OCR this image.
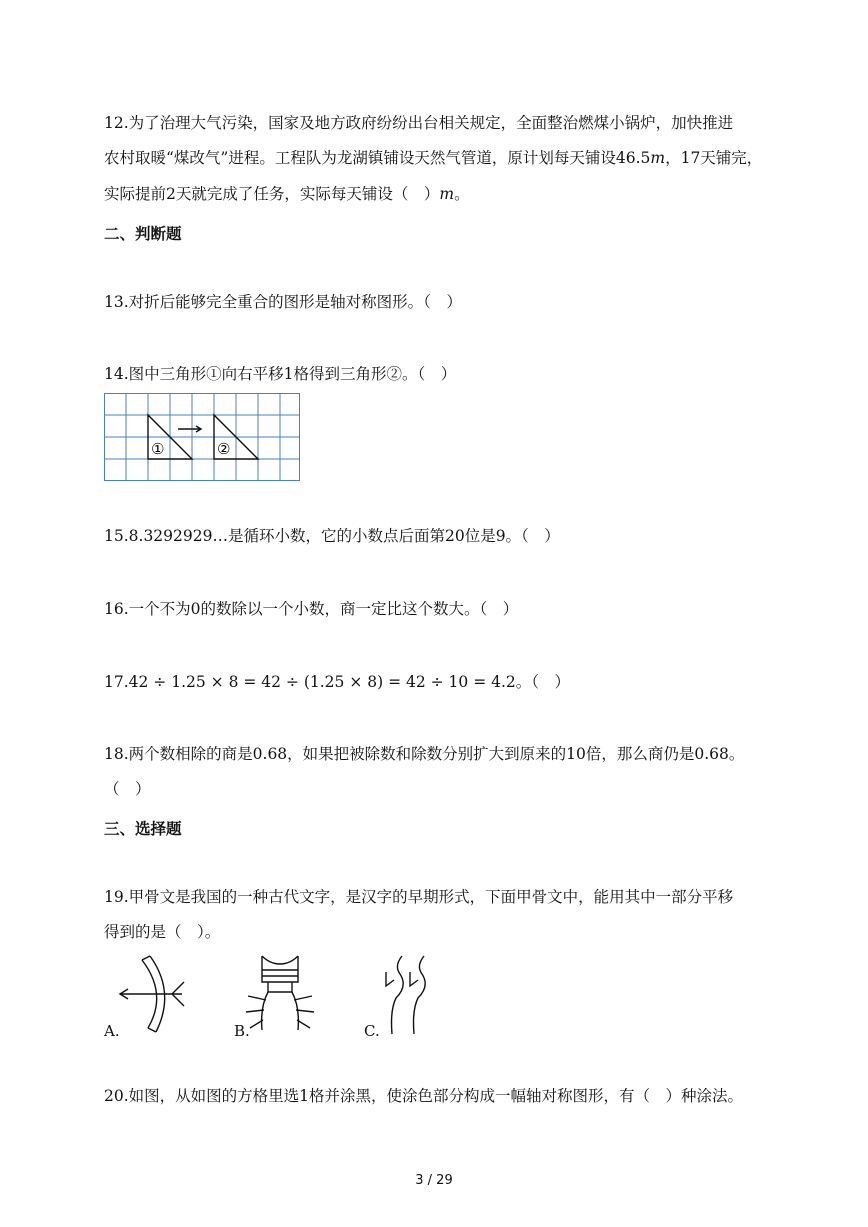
12.为了治理大气污染，国家及地方政府纷纷出台相关规定，全面整治燃煤小锅炉，加快推进
农村取暖“煤改气”进程。工程队为龙湖镇铺设天然气管道，原计划每天铺设46.5m，17天铺完，
实际提前2天就完成了任务，实际每天铺设（　）m。
二、判断题
13.对折后能够完全重合的图形是轴对称图形。（　）
14.图中三角形①向右平移1格得到三角形②。（　）
①	②
15.8.3292929…是循环小数，它的小数点后面第20位是9。（　）
16.一个不为0的数除以一个小数，商一定比这个数大。（　）
17.42 ÷ 1.25 × 8 = 42 ÷ (1.25 × 8) = 42 ÷ 10 = 4.2。（　）
18.两个数相除的商是0.68，如果把被除数和除数分别扩大到原来的10倍，那么商仍是0.68。
（　）
三、选择题
19.甲骨文是我国的一种古代文字，是汉字的早期形式，下面甲骨文中，能用其中一部分平移
得到的是（　）。
A.	B.	C.
20.如图，从如图的方格里选1格并涂黑，使涂色部分构成一幅轴对称图形，有（　）种涂法。
3 / 29
